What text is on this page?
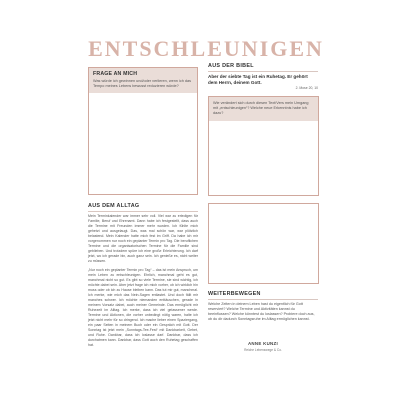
ENTSCHLEUNIGEN
FRAGE AN MICH
Was würde ich gewinnen und/oder verlieren, wenn ich das Tempo meines Lebens bewusst reduzieren würde?
AUS DER BIBEL
Aber der siebte Tag ist ein Ruhetag. Er gehört dem Herrn, deinem Gott.
2. Mose 20, 10
Wie verändert sich durch diesen Text/Vers mein Umgang mit „entschleunigen“? Welche neue Erkenntnis habe ich dazu?
AUS DEM ALLTAG

Mein Terminkalender war immer sehr voll. Viel war zu erledigen für Familie, Beruf und Ehrenamt. Dann habe ich festgestellt, dass auch die Termine mit Freunden immer mehr wurden. Ich fühlte mich gehetzt und ausgelaugt. Das, was mal schön war, war plötzlich belastend. Mein Kalender hatte mich fest im Griff. Da habe ich mir vorgenommen nur noch ein geplanter Termin pro Tag. Die beruflichen Termine und die organisatorischen Termine für die Familie sind geblieben. Und trotzdem spüre ich eine große Erleichterung. Ich darf jetzt, wo ich gerade bin, auch ganz sein. Ich genieße es, nicht weiter zu müssen.

„Nur noch ein geplanter Termin pro Tag“ – das ist mein Anspruch, um mein Leben zu entschleunigen. Ehrlich, manchmal geht es gut, manchmal nicht so gut. Es gibt so viele Termine, sie sind wichtig, ich möchte dabei sein. Aber jetzt frage ich mich vorher, ob ich wirklich hin muss oder ob ich zu Hause bleiben kann. Das tut mir gut, manchmal. Ich merke, wie mich das Nein-Sagen entlastet. Und doch fällt mir manches schwer. Ich möchte niemanden enttäuschen, gerade in meinem Vorsatz dabei, auch meiner Gemeinde. Das ermöglicht mir Ruhezeit im Alltag. Ich merke, dass ich viel gelassener werde. Termine und Aktionen, die vorher unbedingt nötig waren, halte ich jetzt nicht mehr für so dringend. Ich mache lieber einen Spaziergang, ein paar Seiten in meinem Buch oder ein Gespräch mit Gott. Der Sonntag ist jetzt mein „Sonntags-Tee-Fest“ mit Dankbarkeit, Gebet, und Ruhe. Dankbar, dass ich loslasse darf. Dankbar, dass ich durchatmen kann. Dankbar, dass Gott auch den Ruhetag geschaffen hat.

WEITERBEWEGEN
Welche Zeiten in deinem Leben hast du eigentlich für Gott reserviert? Welche Termine und Aktivitäten kannst du beeinflussen? Welche könntest du loslassen? Probiere doch aus, ob du dir dadurch Sonntagsruhe im Alltag ermöglichen kannst.
ANNE KUNZI
Reiche Lebenswege & Co.
